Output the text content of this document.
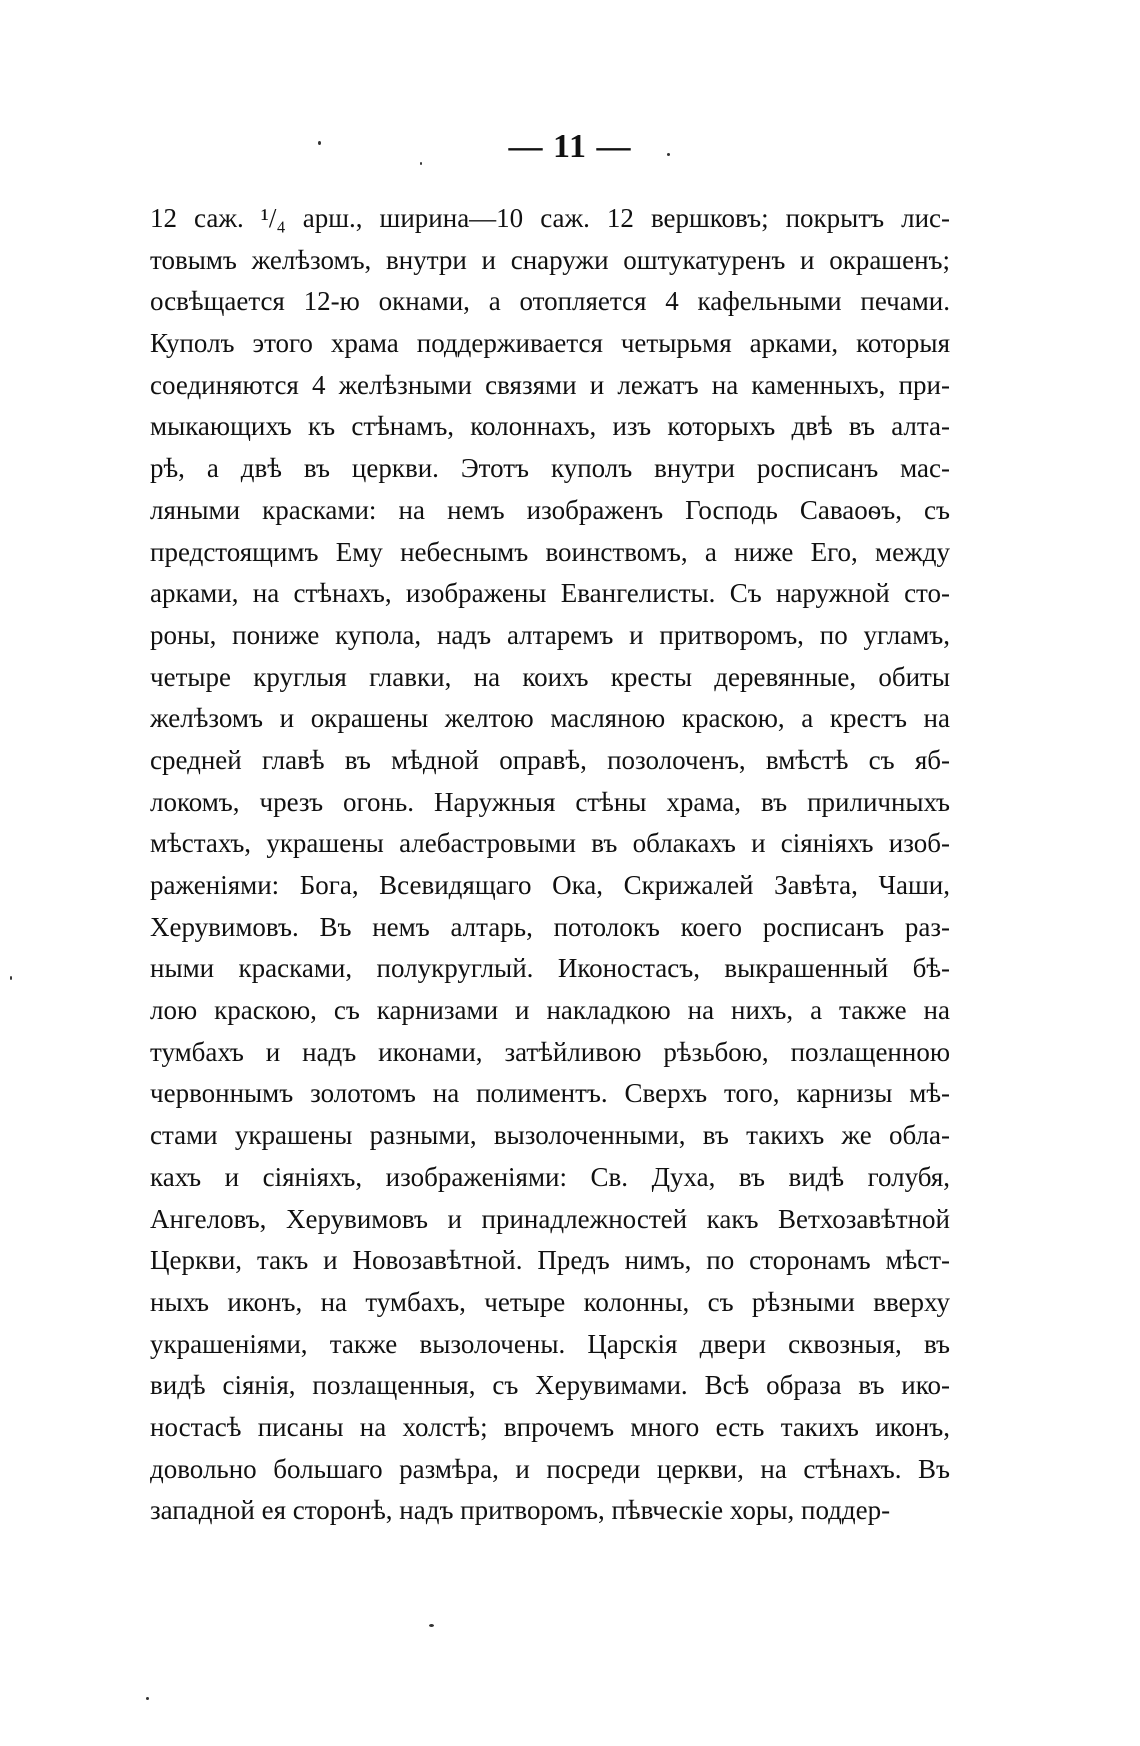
— 11 —
12 саж. ¹/₄ арш., ширина—10 саж. 12 вершковъ; покрытъ лис-
товымъ желѣзомъ, внутри и снаружи оштукатуренъ и окрашенъ;
освѣщается 12-ю окнами, а отопляется 4 кафельными печами.
Куполъ этого храма поддерживается четырьмя арками, которыя
соединяются 4 желѣзными связями и лежатъ на каменныхъ, при-
мыкающихъ къ стѣнамъ, колоннахъ, изъ которыхъ двѣ въ алта-
рѣ, а двѣ въ церкви. Этотъ куполъ внутри росписанъ мас-
ляными красками: на немъ изображенъ Господь Саваоѳъ, съ
предстоящимъ Ему небеснымъ воинствомъ, а ниже Его, между
арками, на стѣнахъ, изображены Евангелисты. Съ наружной сто-
роны, пониже купола, надъ алтаремъ и притворомъ, по угламъ,
четыре круглыя главки, на коихъ кресты деревянные, обиты
желѣзомъ и окрашены желтою масляною краскою, а крестъ на
средней главѣ въ мѣдной оправѣ, позолоченъ, вмѣстѣ съ яб-
локомъ, чрезъ огонь. Наружныя стѣны храма, въ приличныхъ
мѣстахъ, украшены алебастровыми въ облакахъ и сіяніяхъ изоб-
раженіями: Бога, Всевидящаго Ока, Скрижалей Завѣта, Чаши,
Херувимовъ. Въ немъ алтарь, потолокъ коего росписанъ раз-
ными красками, полукруглый. Иконостасъ, выкрашенный бѣ-
лою краскою, съ карнизами и накладкою на нихъ, а также на
тумбахъ и надъ иконами, затѣйливою рѣзьбою, позлащенною
червоннымъ золотомъ на полиментъ. Сверхъ того, карнизы мѣ-
стами украшены разными, вызолоченными, въ такихъ же обла-
кахъ и сіяніяхъ, изображеніями: Св. Духа, въ видѣ голубя,
Ангеловъ, Херувимовъ и принадлежностей какъ Ветхозавѣтной
Церкви, такъ и Новозавѣтной. Предъ нимъ, по сторонамъ мѣст-
ныхъ иконъ, на тумбахъ, четыре колонны, съ рѣзными вверху
украшеніями, также вызолочены. Царскія двери сквозныя, въ
видѣ сіянія, позлащенныя, съ Херувимами. Всѣ образа въ ико-
ностасѣ писаны на холстѣ; впрочемъ много есть такихъ иконъ,
довольно большаго размѣра, и посреди церкви, на стѣнахъ. Въ
западной ея сторонѣ, надъ притворомъ, пѣвческіе хоры, поддер-
